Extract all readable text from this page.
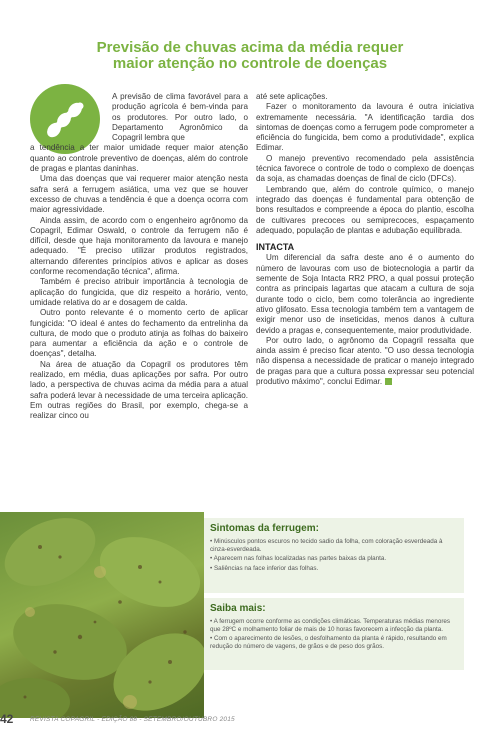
Previsão de chuvas acima da média requer
maior atenção no controle de doenças

A previsão de clima favorável para a produção agrícola é bem-vinda para os produtores. Por outro lado, o Departamento Agronômico da Copagril lembra que

a tendência a ter maior umidade requer maior atenção quanto ao controle preventivo de doenças, além do controle de pragas e plantas daninhas.

Uma das doenças que vai requerer maior atenção nesta safra será a ferrugem asiática, uma vez que se houver excesso de chuvas a tendência é que a doença ocorra com maior agressividade.

Ainda assim, de acordo com o engenheiro agrônomo da Copagril, Edimar Oswald, o controle da ferrugem não é difícil, desde que haja monitoramento da lavoura e manejo adequado. "É preciso utilizar produtos registrados, alternando diferentes princípios ativos e aplicar as doses conforme recomendação técnica", afirma.

Também é preciso atribuir importância à tecnologia de aplicação do fungicida, que diz respeito a horário, vento, umidade relativa do ar e dosagem de calda.

Outro ponto relevante é o momento certo de aplicar fungicida: "O ideal é antes do fechamento da entrelinha da cultura, de modo que o produto atinja as folhas do baixeiro para aumentar a eficiência da ação e o controle de doenças", detalha.

Na área de atuação da Copagril os produtores têm realizado, em média, duas aplicações por safra. Por outro lado, a perspectiva de chuvas acima da média para a atual safra poderá levar à necessidade de uma terceira aplicação. Em outras regiões do Brasil, por exemplo, chega-se a realizar cinco ou

até sete aplicações.

Fazer o monitoramento da lavoura é outra iniciativa extremamente necessária. "A identificação tardia dos sintomas de doenças como a ferrugem pode comprometer a eficiência do fungicida, bem como a produtividade", explica Edimar.

O manejo preventivo recomendado pela assistência técnica favorece o controle de todo o complexo de doenças da soja, as chamadas doenças de final de ciclo (DFCs).

Lembrando que, além do controle químico, o manejo integrado das doenças é fundamental para obtenção de bons resultados e compreende a época do plantio, escolha de cultivares precoces ou semiprecoces, espaçamento adequado, população de plantas e adubação equilibrada.

INTACTA

Um diferencial da safra deste ano é o aumento do número de lavouras com uso de biotecnologia a partir da semente de Soja Intacta RR2 PRO, a qual possui proteção contra as principais lagartas que atacam a cultura de soja durante todo o ciclo, bem como tolerância ao ingrediente ativo glifosato. Essa tecnologia também tem a vantagem de exigir menor uso de inseticidas, menos danos à cultura devido a pragas e, consequentemente, maior produtividade.

Por outro lado, o agrônomo da Copagril ressalta que ainda assim é preciso ficar atento. "O uso dessa tecnologia não dispensa a necessidade de praticar o manejo integrado de pragas para que a cultura possa expressar seu potencial produtivo máximo", conclui Edimar.

Sintomas da ferrugem:
• Minúsculos pontos escuros no tecido sadio da folha, com coloração esverdeada à cinza-esverdeada.
• Aparecem nas folhas localizadas nas partes baixas da planta.
• Saliências na face inferior das folhas.
Saiba mais:
• A ferrugem ocorre conforme as condições climáticas. Temperaturas médias menores que 28ºC e molhamento foliar de mais de 10 horas favorecem a infecção da planta.
• Com o aparecimento de lesões, o desfolhamento da planta é rápido, resultando em redução do número de vagens, de grãos e de peso dos grãos.
42	REVISTA COPAGRIL - EDIÇÃO 88 - SETEMBRO/OUTUBRO 2015
